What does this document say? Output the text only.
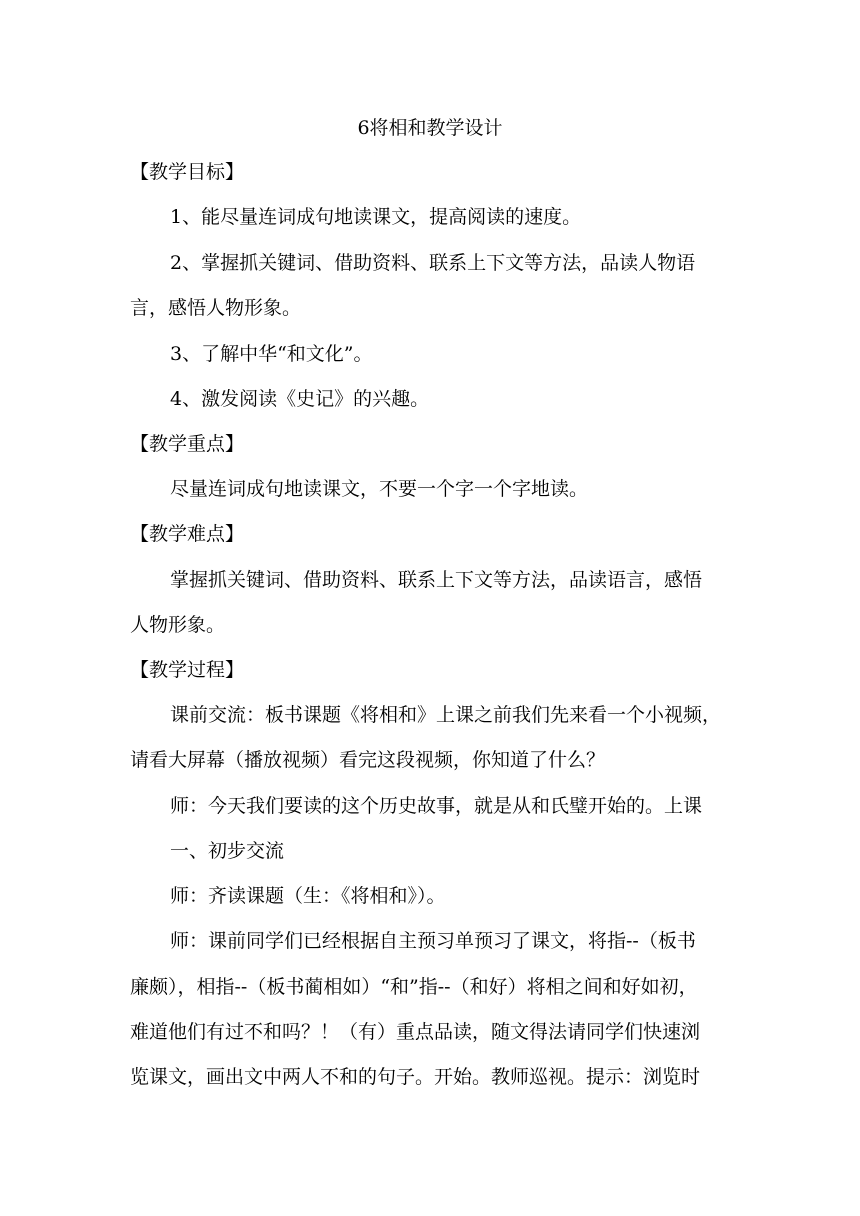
6将相和教学设计
【教学目标】
1、能尽量连词成句地读课文，提高阅读的速度。
2、掌握抓关键词、借助资料、联系上下文等方法，品读人物语
言，感悟人物形象。
3、了解中华“和文化”。
4、激发阅读《史记》的兴趣。
【教学重点】
尽量连词成句地读课文，不要一个字一个字地读。
【教学难点】
掌握抓关键词、借助资料、联系上下文等方法，品读语言，感悟
人物形象。
【教学过程】
课前交流：板书课题《将相和》上课之前我们先来看一个小视频，
请看大屏幕（播放视频）看完这段视频，你知道了什么？
师：今天我们要读的这个历史故事，就是从和氏璧开始的。上课
一、初步交流
师：齐读课题（生：《将相和》）。
师：课前同学们已经根据自主预习单预习了课文，将指--（板书
廉颇），相指--（板书蔺相如）“和”指--（和好）将相之间和好如初，
难道他们有过不和吗？！（有）重点品读，随文得法请同学们快速浏
览课文，画出文中两人不和的句子。开始。教师巡视。提示：浏览时
